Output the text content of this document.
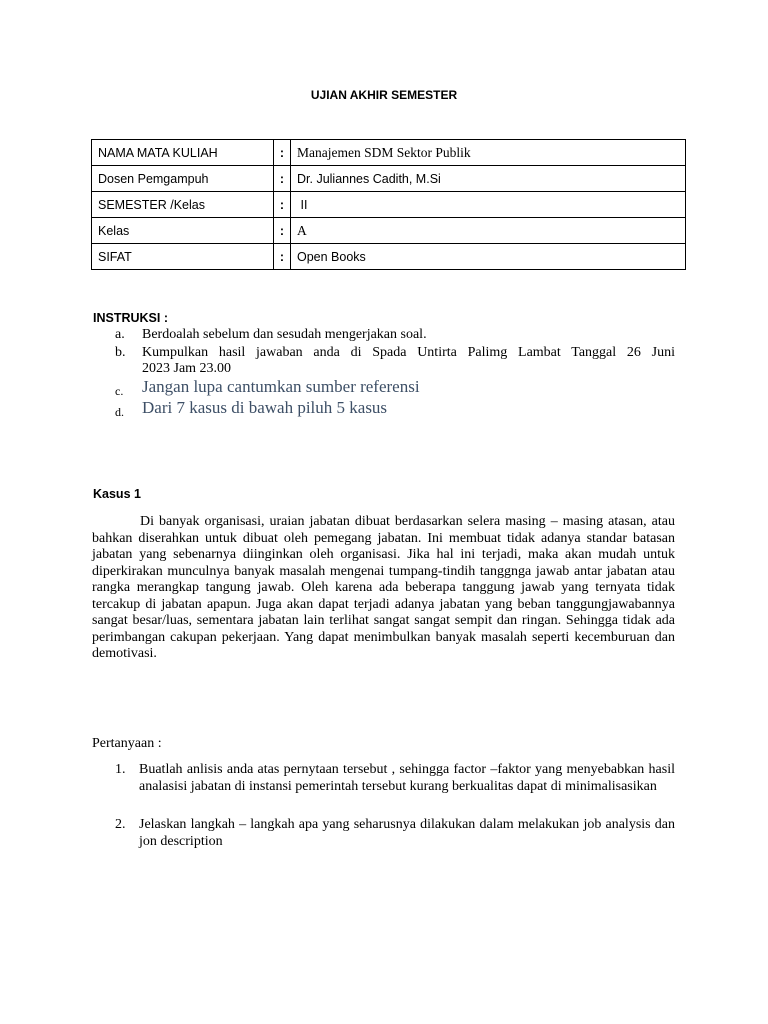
UJIAN AKHIR SEMESTER
NAMA MATA KULIAH	:	Manajemen SDM Sektor Publik
Dosen Pemgampuh	:	Dr. Juliannes Cadith, M.Si
SEMESTER /Kelas	:	II
Kelas	:	A
SIFAT	:	Open Books
INSTRUKSI :
a.	Berdoalah sebelum dan sesudah mengerjakan soal.
b. Kumpulkan hasil jawaban anda di Spada Untirta Palimg Lambat Tanggal 26 Juni
2023 Jam 23.00
c.	Jangan lupa cantumkan sumber referensi
d. Dari 7 kasus di bawah piluh 5 kasus
Kasus 1
Di banyak organisasi, uraian jabatan dibuat berdasarkan selera masing – masing atasan, atau bahkan diserahkan untuk dibuat oleh pemegang jabatan. Ini membuat tidak adanya standar batasan jabatan yang sebenarnya diinginkan oleh organisasi. Jika hal ini terjadi, maka akan mudah untuk diperkirakan munculnya banyak masalah mengenai tumpang-tindih tanggnga jawab antar jabatan atau rangka merangkap tangung jawab. Oleh karena ada beberapa tanggung jawab yang ternyata tidak tercakup di jabatan apapun. Juga akan dapat terjadi adanya jabatan yang beban tanggungjawabannya sangat besar/luas, sementara jabatan lain terlihat sangat sangat sempit dan ringan. Sehingga tidak ada perimbangan cakupan pekerjaan. Yang dapat menimbulkan banyak masalah seperti kecemburuan dan demotivasi.
Pertanyaan :
1. Buatlah anlisis anda atas pernytaan tersebut , sehingga factor –faktor yang menyebabkan hasil analasisi jabatan di instansi pemerintah tersebut kurang berkualitas dapat di minimalisasikan
2. Jelaskan langkah – langkah apa yang seharusnya dilakukan dalam melakukan job analysis dan jon description
